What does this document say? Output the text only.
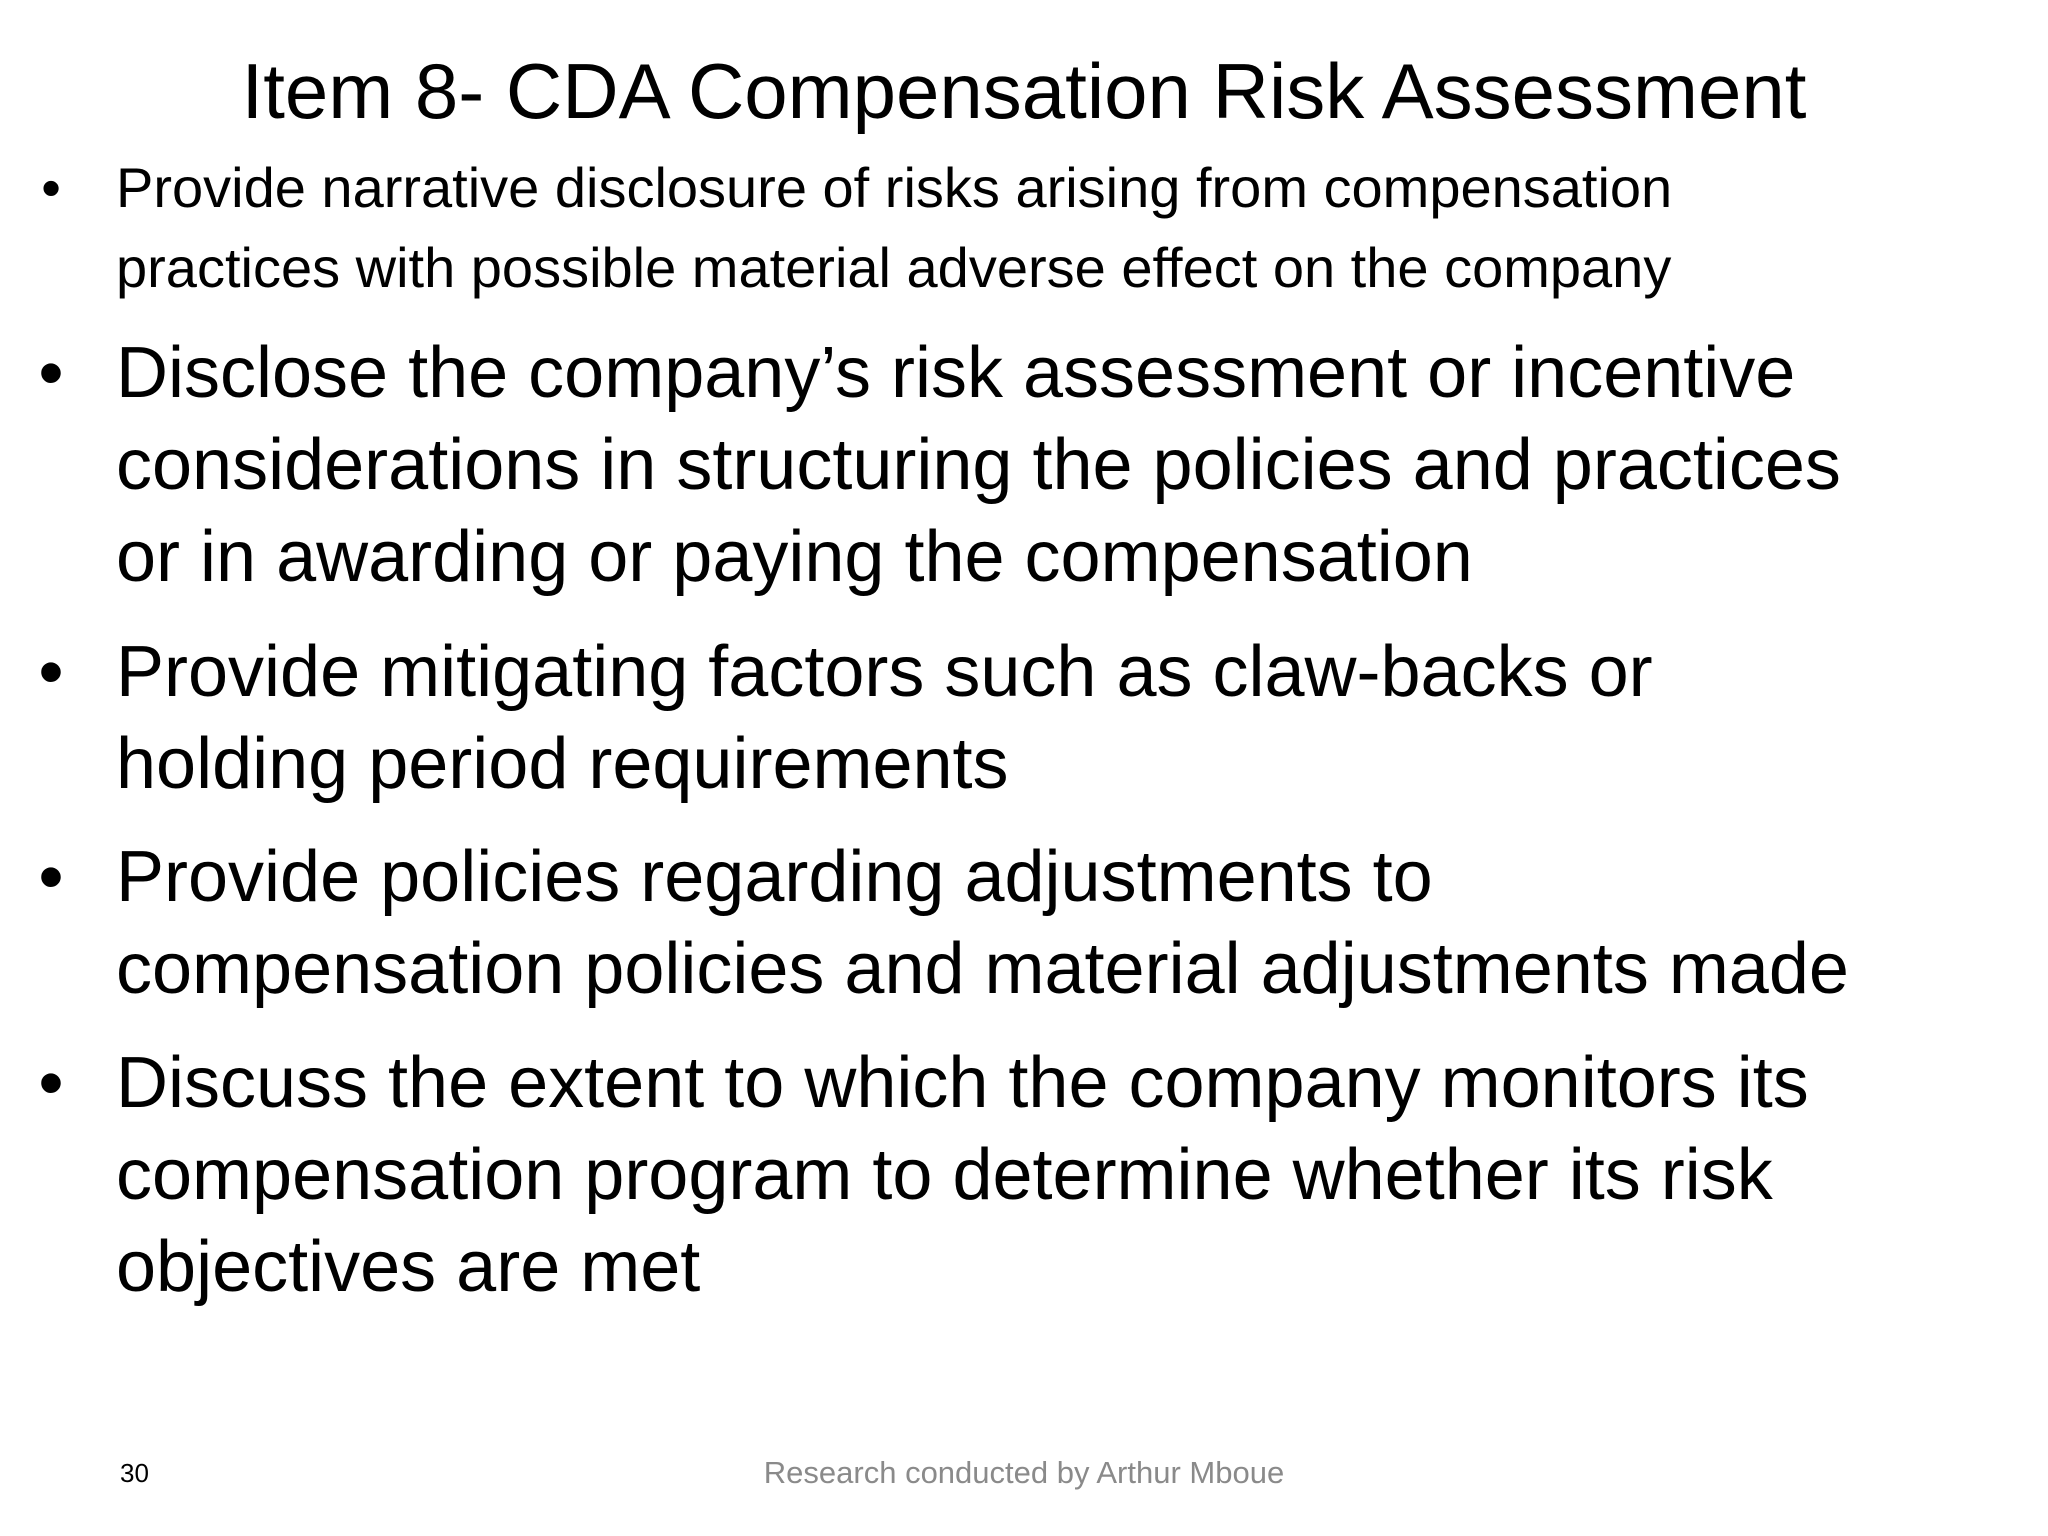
Item 8- CDA Compensation Risk Assessment
• Provide narrative disclosure of risks arising from compensation
practices with possible material adverse effect on the company
• Disclose the company’s risk assessment or incentive
considerations in structuring the policies and practices
or in awarding or paying the compensation
• Provide mitigating factors such as claw-backs or
holding period requirements
• Provide policies regarding adjustments to
compensation policies and material adjustments made
• Discuss the extent to which the company monitors its
compensation program to determine whether its risk
objectives are met
30	Research conducted by Arthur Mboue
